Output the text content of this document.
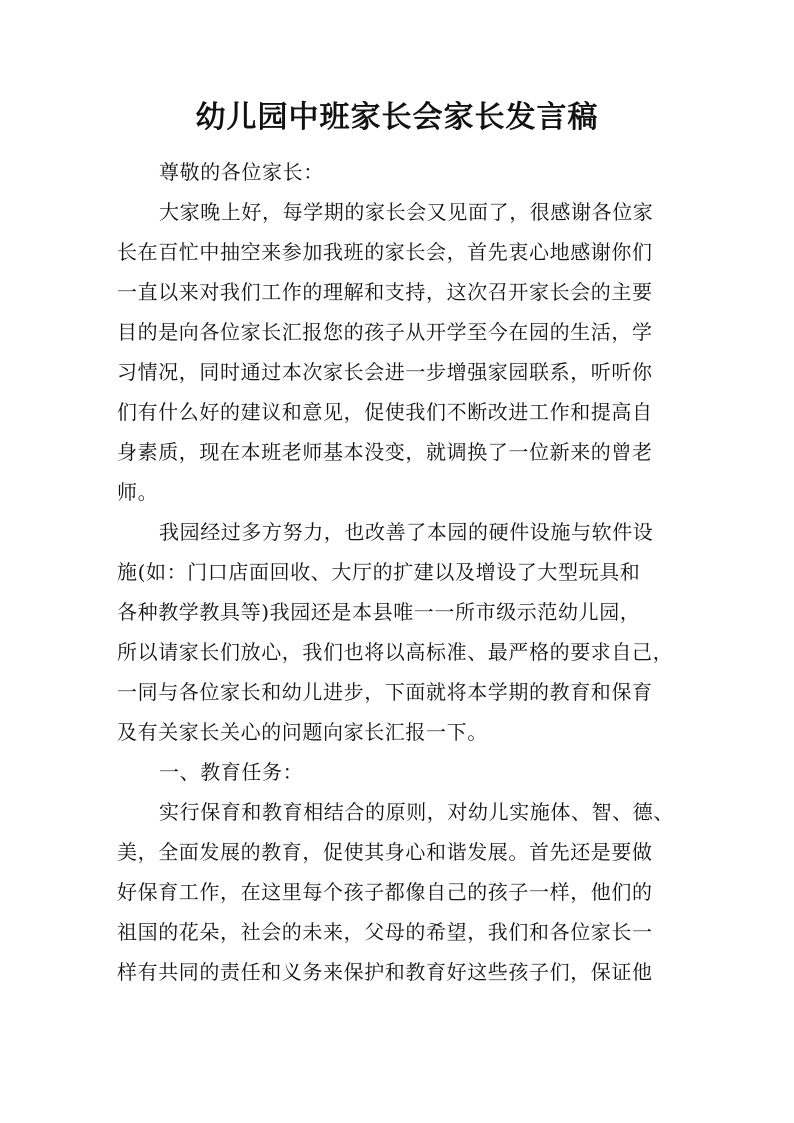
幼儿园中班家长会家长发言稿
尊敬的各位家长：
大家晚上好，每学期的家长会又见面了，很感谢各位家
长在百忙中抽空来参加我班的家长会，首先衷心地感谢你们
一直以来对我们工作的理解和支持，这次召开家长会的主要
目的是向各位家长汇报您的孩子从开学至今在园的生活，学
习情况，同时通过本次家长会进一步增强家园联系，听听你
们有什么好的建议和意见，促使我们不断改进工作和提高自
身素质，现在本班老师基本没变，就调换了一位新来的曾老
师。
我园经过多方努力，也改善了本园的硬件设施与软件设
施(如：门口店面回收、大厅的扩建以及增设了大型玩具和
各种教学教具等)我园还是本县唯一一所市级示范幼儿园，
所以请家长们放心，我们也将以高标准、最严格的要求自己，
一同与各位家长和幼儿进步，下面就将本学期的教育和保育
及有关家长关心的问题向家长汇报一下。
一、教育任务：
实行保育和教育相结合的原则，对幼儿实施体、智、德、
美，全面发展的教育，促使其身心和谐发展。首先还是要做
好保育工作，在这里每个孩子都像自己的孩子一样，他们的
祖国的花朵，社会的未来，父母的希望，我们和各位家长一
样有共同的责任和义务来保护和教育好这些孩子们，保证他
